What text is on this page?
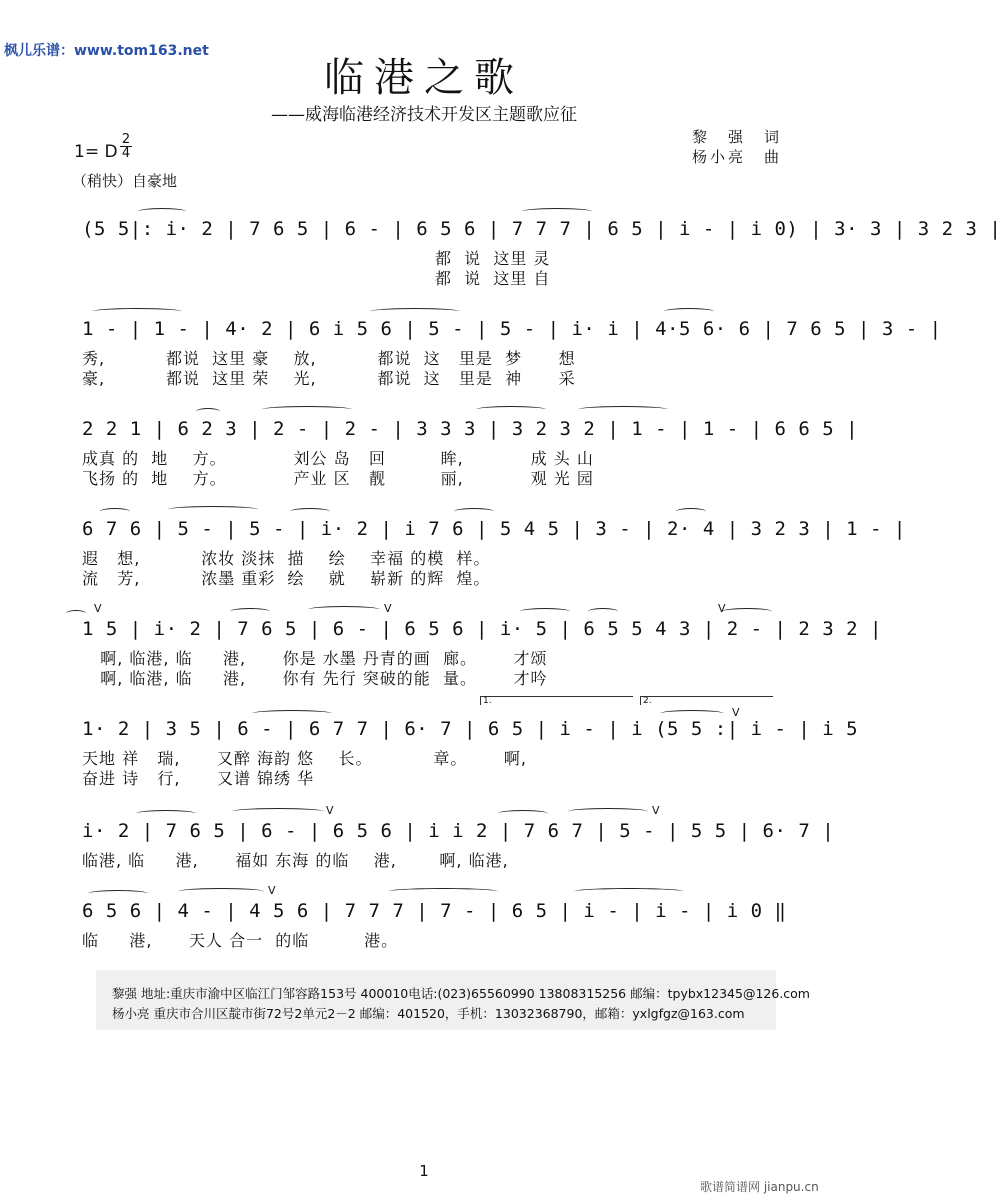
枫儿乐谱：www.tom163.net
临港之歌
——威海临港经济技术开发区主题歌应征
黎　强　词
杨小亮　曲
1= D
2
4
（稍快）自豪地
(5 5|: i· 2 | 7 6 5 | 6 - | 6 5 6 | 7 7 7 | 6 5 | i - | i 0) | 3· 3 | 3 2 3 |
都  说  这里 灵
都  说  这里 自
1 - | 1 - | 4· 2 | 6 i 5 6 | 5 - | 5 - | i· i | 4·5 6· 6 | 7 6 5 | 3 - |
秀,          都说  这里 豪    放,          都说  这   里是  梦      想
豪,          都说  这里 荣    光,          都说  这   里是  神      采
2 2 1 | 6 2 3 | 2 - | 2 - | 3 3 3 | 3 2 3 2 | 1 - | 1 - | 6 6 5 |
成真 的  地    方。           刘公 岛   回         眸,           成 头 山
飞扬 的  地    方。           产业 区   靓         丽,           观 光 园
6 7 6 | 5 - | 5 - | i· 2 | i 7 6 | 5 4 5 | 3 - | 2· 4 | 3 2 3 | 1 - |
遐   想,          浓妆 淡抹  描    绘    幸福 的模  样。
流   芳,          浓墨 重彩  绘    就    崭新 的辉  煌。
V	V	V
1 5 | i· 2 | 7 6 5 | 6 - | 6 5 6 | i· 5 | 6 5 5 4 3 | 2 - | 2 3 2 |
啊, 临港, 临     港,      你是 水墨 丹青的画  廊。      才颂
啊, 临港, 临     港,      你有 先行 突破的能  量。      才吟
1.	2.
V
1· 2 | 3 5 | 6 - | 6 7 7 | 6· 7 | 6 5 | i - | i (5 5 :| i - | i 5
天地 祥   瑞,      又醉 海韵 悠    长。          章。      啊,
奋进 诗   行,      又谱 锦绣 华
V	V
i· 2 | 7 6 5 | 6 - | 6 5 6 | i i 2 | 7 6 7 | 5 - | 5 5 | 6· 7 |
临港, 临     港,      福如 东海 的临    港,       啊, 临港,
V
6 5 6 | 4 - | 4 5 6 | 7 7 7 | 7 - | 6 5 | i - | i - | i 0 ‖
临     港,      天人 合一  的临         港。
黎强 地址:重庆市渝中区临江门邹容路153号 400010电话:(023)65560990 13808315256 邮编：tpybx12345@126.com
杨小亮 重庆市合川区靛市街72号2单元2－2 邮编：401520，手机：13032368790，邮箱：yxlgfgz@163.com
1
歌谱简谱网 jianpu.cn
